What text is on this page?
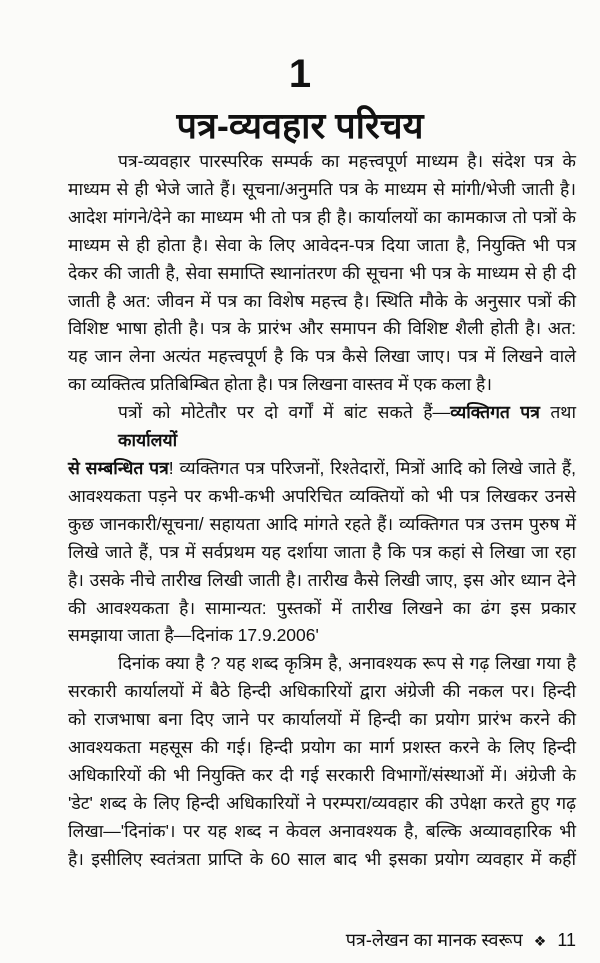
1
पत्र-व्यवहार परिचय
पत्र-व्यवहार पारस्परिक सम्पर्क का महत्त्वपूर्ण माध्यम है। संदेश पत्र के
माध्यम से ही भेजे जाते हैं। सूचना/अनुमति पत्र के माध्यम से मांगी/भेजी जाती है।
आदेश मांगने/देने का माध्यम भी तो पत्र ही है। कार्यालयों का कामकाज तो पत्रों के
माध्यम से ही होता है। सेवा के लिए आवेदन-पत्र दिया जाता है, नियुक्ति भी पत्र
देकर की जाती है, सेवा समाप्ति स्थानांतरण की सूचना भी पत्र के माध्यम से ही दी
जाती है अत: जीवन में पत्र का विशेष महत्त्व है। स्थिति मौके के अनुसार पत्रों की
विशिष्ट भाषा होती है। पत्र के प्रारंभ और समापन की विशिष्ट शैली होती है। अत:
यह जान लेना अत्यंत महत्त्वपूर्ण है कि पत्र कैसे लिखा जाए। पत्र में लिखने वाले
का व्यक्तित्व प्रतिबिम्बित होता है। पत्र लिखना वास्तव में एक कला है।
पत्रों को मोटेतौर पर दो वर्गों में बांट सकते हैं—व्यक्तिगत पत्र तथा कार्यालयों
से सम्बन्धित पत्र! व्यक्तिगत पत्र परिजनों, रिश्तेदारों, मित्रों आदि को लिखे जाते हैं,
आवश्यकता पड़ने पर कभी-कभी अपरिचित व्यक्तियों को भी पत्र लिखकर उनसे
कुछ जानकारी/सूचना/ सहायता आदि मांगते रहते हैं। व्यक्तिगत पत्र उत्तम पुरुष में
लिखे जाते हैं, पत्र में सर्वप्रथम यह दर्शाया जाता है कि पत्र कहां से लिखा जा रहा
है। उसके नीचे तारीख लिखी जाती है। तारीख कैसे लिखी जाए, इस ओर ध्यान देने
की आवश्यकता है। सामान्यत: पुस्तकों में तारीख लिखने का ढंग इस प्रकार
समझाया जाता है—दिनांक 17.9.2006'
दिनांक क्या है ? यह शब्द कृत्रिम है, अनावश्यक रूप से गढ़ लिखा गया है
सरकारी कार्यालयों में बैठे हिन्दी अधिकारियों द्वारा अंग्रेजी की नकल पर। हिन्दी
को राजभाषा बना दिए जाने पर कार्यालयों में हिन्दी का प्रयोग प्रारंभ करने की
आवश्यकता महसूस की गई। हिन्दी प्रयोग का मार्ग प्रशस्त करने के लिए हिन्दी
अधिकारियों की भी नियुक्ति कर दी गई सरकारी विभागों/संस्थाओं में। अंग्रेजी के
'डेट' शब्द के लिए हिन्दी अधिकारियों ने परम्परा/व्यवहार की उपेक्षा करते हुए गढ़
लिखा—'दिनांक'। पर यह शब्द न केवल अनावश्यक है, बल्कि अव्यावहारिक भी
है। इसीलिए स्वतंत्रता प्राप्ति के 60 साल बाद भी इसका प्रयोग व्यवहार में कहीं
पत्र-लेखन का मानक स्वरूप ❖ 11
